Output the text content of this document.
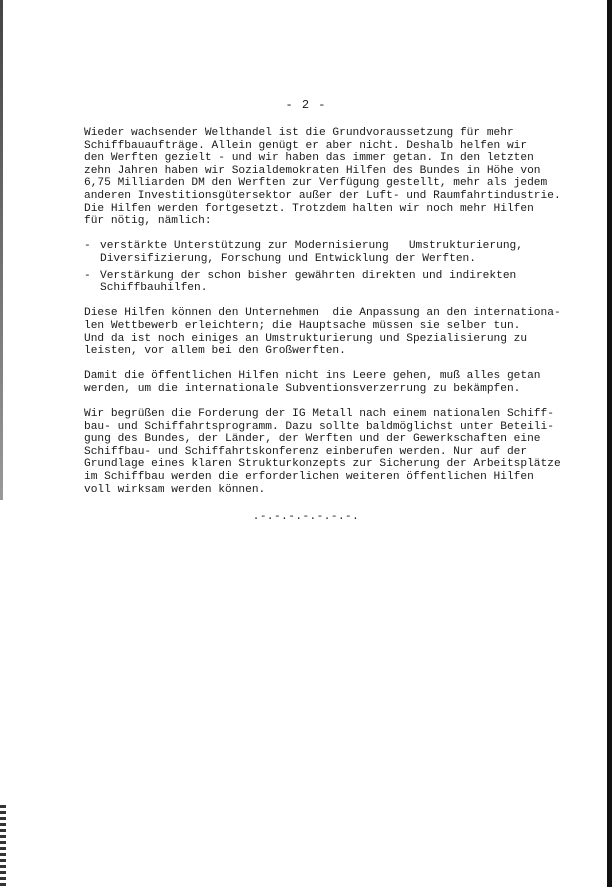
- 2 -

Wieder wachsender Welthandel ist die Grundvoraussetzung für mehr
Schiffbauaufträge. Allein genügt er aber nicht. Deshalb helfen wir
den Werften gezielt - und wir haben das immer getan. In den letzten
zehn Jahren haben wir Sozialdemokraten Hilfen des Bundes in Höhe von
6,75 Milliarden DM den Werften zur Verfügung gestellt, mehr als jedem
anderen Investitionsgütersektor außer der Luft- und Raumfahrtindustrie.
Die Hilfen werden fortgesetzt. Trotzdem halten wir noch mehr Hilfen
für nötig, nämlich:

- verstärkte Unterstützung zur Modernisierung   Umstrukturierung,
Diversifizierung, Forschung und Entwicklung der Werften.
- Verstärkung der schon bisher gewährten direkten und indirekten
Schiffbauhilfen.

Diese Hilfen können den Unternehmen  die Anpassung an den internationa-
len Wettbewerb erleichtern; die Hauptsache müssen sie selber tun.
Und da ist noch einiges an Umstrukturierung und Spezialisierung zu
leisten, vor allem bei den Großwerften.

Damit die öffentlichen Hilfen nicht ins Leere gehen, muß alles getan
werden, um die internationale Subventionsverzerrung zu bekämpfen.

Wir begrüßen die Forderung der IG Metall nach einem nationalen Schiff-
bau- und Schiffahrtsprogramm. Dazu sollte baldmöglichst unter Beteili-
gung des Bundes, der Länder, der Werften und der Gewerkschaften eine
Schiffbau- und Schiffahrtskonferenz einberufen werden. Nur auf der
Grundlage eines klaren Strukturkonzepts zur Sicherung der Arbeitsplätze
im Schiffbau werden die erforderlichen weiteren öffentlichen Hilfen
voll wirksam werden können.

.-.-.-.-.-.-.-.
